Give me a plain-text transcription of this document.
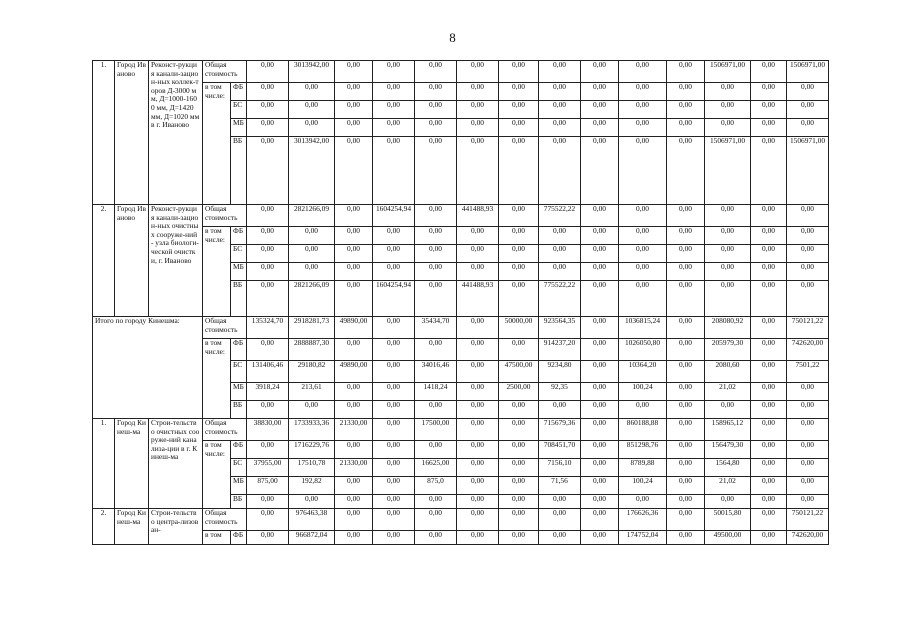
8
1.	Город Иваново	Реконст-рукция канали-зацион-ных коллек-торов Д-3000 мм, Д=1000-1600 мм, Д=1420 мм, Д=1020 мм в г. Иваново	Общая стоимость		0,00	3013942,00	0,00	0,00	0,00	0,00	0,00	0,00	0,00	0,00	0,00	1506971,00	0,00	1506971,00
			в том числе:	ФБ	0,00	0,00	0,00	0,00	0,00	0,00	0,00	0,00	0,00	0,00	0,00	0,00	0,00	0,00
				БС	0,00	0,00	0,00	0,00	0,00	0,00	0,00	0,00	0,00	0,00	0,00	0,00	0,00	0,00
				МБ	0,00	0,00	0,00	0,00	0,00	0,00	0,00	0,00	0,00	0,00	0,00	0,00	0,00	0,00
				ВБ	0,00	3013942,00	0,00	0,00	0,00	0,00	0,00	0,00	0,00	0,00	0,00	1506971,00	0,00	1506971,00
2.	Город Иваново	Реконст-рукция канали-зацион-ных очистных сооруже-ний - узла биологи-ческой очистки, г. Иваново	Общая стоимость		0,00	2821266,09	0,00	1604254,94	0,00	441488,93	0,00	775522,22	0,00	0,00	0,00	0,00	0,00	0,00
			в том числе:	ФБ	0,00	0,00	0,00	0,00	0,00	0,00	0,00	0,00	0,00	0,00	0,00	0,00	0,00	0,00
				БС	0,00	0,00	0,00	0,00	0,00	0,00	0,00	0,00	0,00	0,00	0,00	0,00	0,00	0,00
				МБ	0,00	0,00	0,00	0,00	0,00	0,00	0,00	0,00	0,00	0,00	0,00	0,00	0,00	0,00
				ВБ	0,00	2821266,09	0,00	1604254,94	0,00	441488,93	0,00	775522,22	0,00	0,00	0,00	0,00	0,00	0,00
Итого по городу Кинешма:			Общая стоимость		135324,70	2918281,73	49890,00	0,00	35434,70	0,00	50000,00	923564,35	0,00	1036815,24	0,00	208080,92	0,00	750121,22
			в том числе:	ФБ	0,00	2888887,30	0,00	0,00	0,00	0,00	0,00	914237,20	0,00	1026050,80	0,00	205979,30	0,00	742620,00
				БС	131406,46	29180,82	49890,00	0,00	34016,46	0,00	47500,00	9234,80	0,00	10364,20	0,00	2080,60	0,00	7501,22
				МБ	3918,24	213,61	0,00	0,00	1418,24	0,00	2500,00	92,35	0,00	100,24	0,00	21,02	0,00	0,00
				ВБ	0,00	0,00	0,00	0,00	0,00	0,00	0,00	0,00	0,00	0,00	0,00	0,00	0,00	0,00
1.	Город Кинеш-ма	Строи-тельство очистных сооруже-ний канализа-ции в г. Кинеш-ма	Общая стоимость		38830,00	1733933,36	21330,00	0,00	17500,00	0,00	0,00	715679,36	0,00	860188,88	0,00	158965,12	0,00	0,00
			в том числе:	ФБ	0,00	1716229,76	0,00	0,00	0,00	0,00	0,00	708451,70	0,00	851298,76	0,00	156479,30	0,00	0,00
				БС	37955,00	17510,78	21330,00	0,00	16625,00	0,00	0,00	7156,10	0,00	8789,88	0,00	1564,80	0,00	0,00
				МБ	875,00	192,82	0,00	0,00	875,0	0,00	0,00	71,56	0,00	100,24	0,00	21,02	0,00	0,00
				ВБ	0,00	0,00	0,00	0,00	0,00	0,00	0,00	0,00	0,00	0,00	0,00	0,00	0,00	0,00
2.	Город Кинеш-ма	Строи-тельство центра-лизован-	Общая стоимость		0,00	976463,38	0,00	0,00	0,00	0,00	0,00	0,00	0,00	176626,36	0,00	50015,80	0,00	750121,22
			в том	ФБ	0,00	966872,04	0,00	0,00	0,00	0,00	0,00	0,00	0,00	174752,04	0,00	49500,00	0,00	742620,00
